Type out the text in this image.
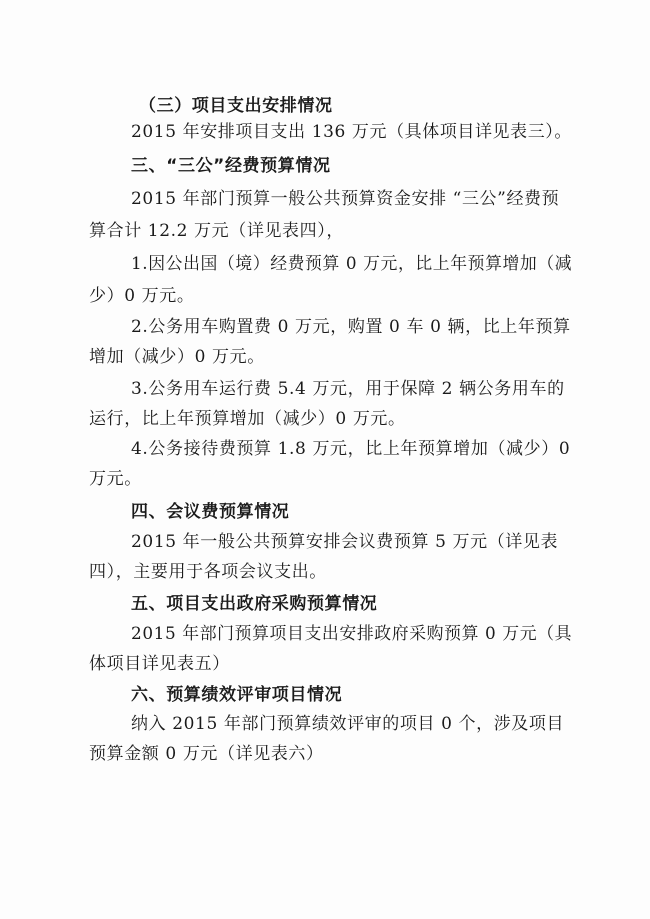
（三）项目支出安排情况
2015 年安排项目支出 136 万元（具体项目详见表三）。
三、“三公”经费预算情况
2015 年部门预算一般公共预算资金安排 “三公”经费预
算合计 12.2 万元（详见表四），
1.因公出国（境）经费预算 0 万元，比上年预算增加（减
少）0 万元。
2.公务用车购置费 0 万元，购置 0 车 0 辆，比上年预算
增加（减少）0 万元。
3.公务用车运行费 5.4 万元，用于保障 2 辆公务用车的
运行，比上年预算增加（减少）0 万元。
4.公务接待费预算 1.8 万元，比上年预算增加（减少）0
万元。
四、会议费预算情况
2015 年一般公共预算安排会议费预算 5 万元（详见表
四），主要用于各项会议支出。
五、项目支出政府采购预算情况
2015 年部门预算项目支出安排政府采购预算 0 万元（具
体项目详见表五）
六、预算绩效评审项目情况
纳入 2015 年部门预算绩效评审的项目 0 个，涉及项目
预算金额 0 万元（详见表六）
